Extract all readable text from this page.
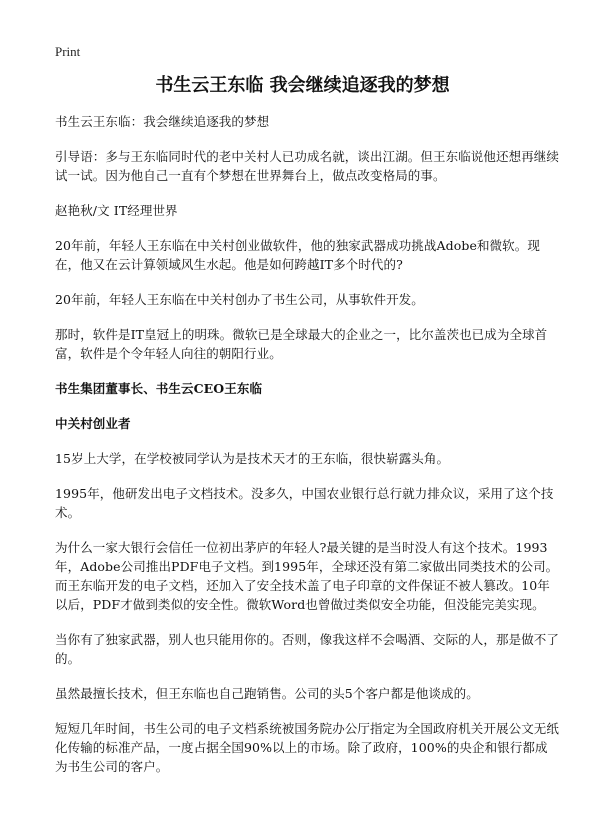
Print
书生云王东临 我会继续追逐我的梦想

书生云王东临：我会继续追逐我的梦想

引导语：多与王东临同时代的老中关村人已功成名就，谈出江湖。但王东临说他还想再继续试一试。因为他自己一直有个梦想在世界舞台上，做点改变格局的事。

赵艳秋/文 IT经理世界

20年前，年轻人王东临在中关村创业做软件，他的独家武器成功挑战Adobe和微软。现在，他又在云计算领域风生水起。他是如何跨越IT多个时代的?

20年前，年轻人王东临在中关村创办了书生公司，从事软件开发。

那时，软件是IT皇冠上的明珠。微软已是全球最大的企业之一，比尔盖茨也已成为全球首富，软件是个令年轻人向往的朝阳行业。

书生集团董事长、书生云CEO王东临

中关村创业者

15岁上大学，在学校被同学认为是技术天才的王东临，很快崭露头角。

1995年，他研发出电子文档技术。没多久，中国农业银行总行就力排众议，采用了这个技术。

为什么一家大银行会信任一位初出茅庐的年轻人?最关键的是当时没人有这个技术。1993年，Adobe公司推出PDF电子文档。到1995年，全球还没有第二家做出同类技术的公司。而王东临开发的电子文档，还加入了安全技术盖了电子印章的文件保证不被人篡改。10年以后，PDF才做到类似的安全性。微软Word也曾做过类似安全功能，但没能完美实现。

当你有了独家武器，别人也只能用你的。否则，像我这样不会喝酒、交际的人，那是做不了的。

虽然最擅长技术，但王东临也自己跑销售。公司的头5个客户都是他谈成的。

短短几年时间，书生公司的电子文档系统被国务院办公厅指定为全国政府机关开展公文无纸化传输的标准产品，一度占据全国90%以上的市场。除了政府，100%的央企和银行都成为书生公司的客户。
